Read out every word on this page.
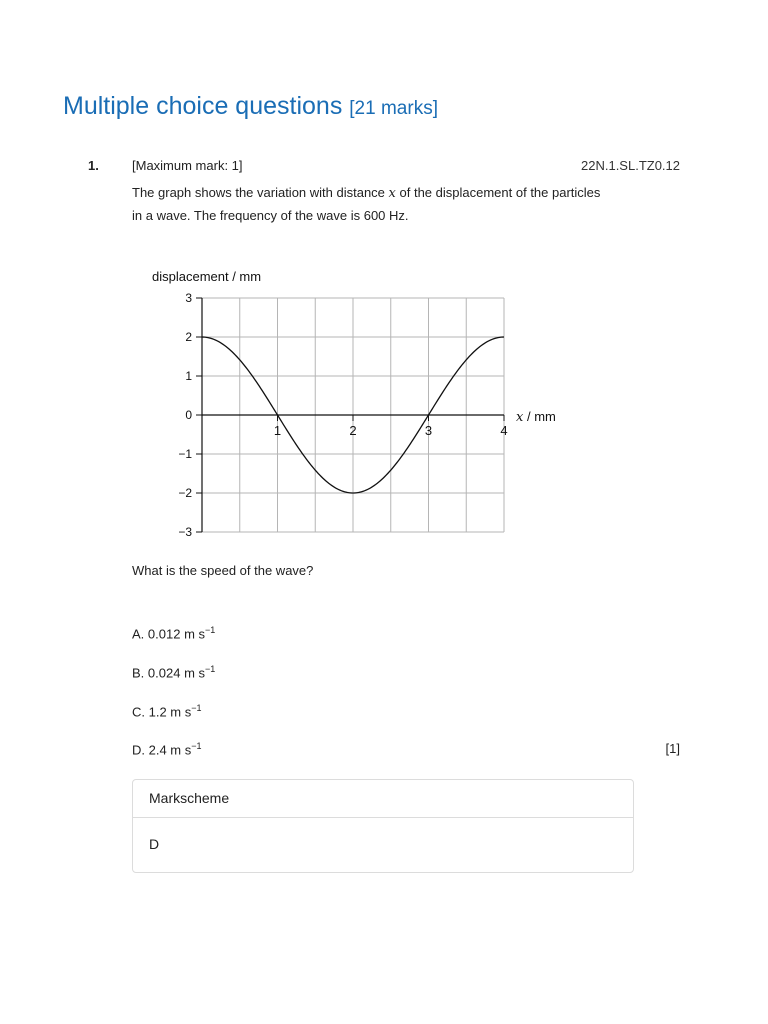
Multiple choice questions [21 marks]
1.	[Maximum mark: 1]	22N.1.SL.TZ0.12
The graph shows the variation with distance x of the displacement of the particles in a wave. The frequency of the wave is 600 Hz.
3
2
1
0
−1
−2
−3
1	2	3	4
displacement / mm
x / mm
What is the speed of the wave?
A. 0.012 m $s^{-1}$
B. 0.024 m $s^{-1}$
C. 1.2 m $s^{-1}$
D. 2.4 m $s^{-1}$	[1]
Markscheme
D
